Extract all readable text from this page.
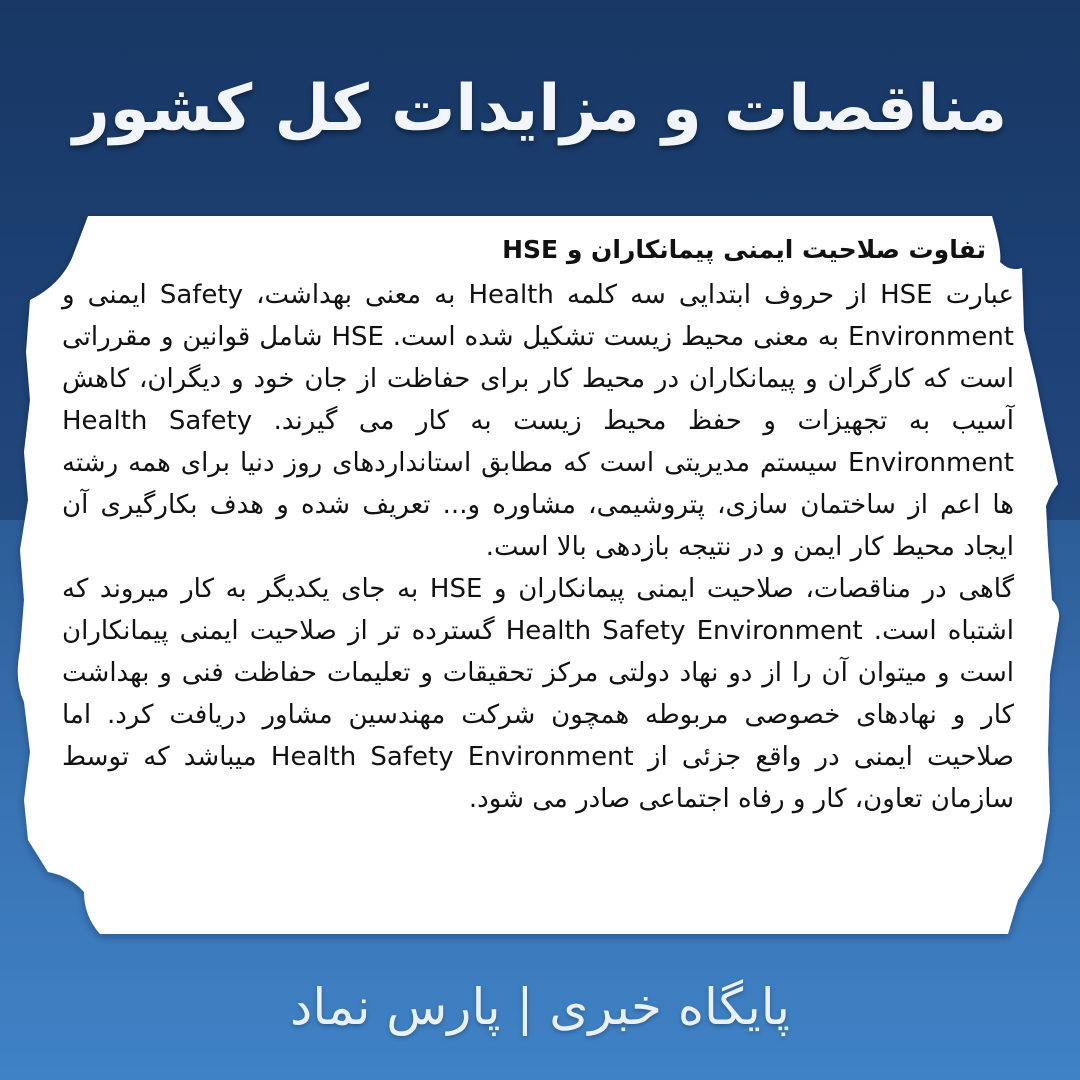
مناقصات و مزایدات کل کشور
تفاوت صلاحیت ایمنی پیمانکاران و HSE

عبارت HSE از حروف ابتدایی سه کلمه Health به معنی بهداشت، Safety ایمنی و Environment به معنی محیط زیست تشکیل شده است. HSE شامل قوانین و مقرراتی است که کارگران و پیمانکاران در محیط کار برای حفاظت از جان خود و دیگران، کاهش آسیب به تجهیزات و حفظ محیط زیست به کار می گیرند. Health Safety Environment سیستم مدیریتی است که مطابق استانداردهای روز دنیا برای همه رشته ها اعم از ساختمان سازی، پتروشیمی، مشاوره و... تعریف شده و هدف بکارگیری آن ایجاد محیط کار ایمن و در نتیجه بازدهی بالا است.

گاهی در مناقصات، صلاحیت ایمنی پیمانکاران و HSE به جای یکدیگر به کار میروند که اشتباه است. Health Safety Environment گسترده تر از صلاحیت ایمنی پیمانکاران است و میتوان آن را از دو نهاد دولتی مرکز تحقیقات و تعلیمات حفاظت فنی و بهداشت کار و نهادهای خصوصی مربوطه همچون شرکت مهندسین مشاور دریافت کرد. اما صلاحیت ایمنی در واقع جزئی از Health Safety Environment میباشد که توسط سازمان تعاون، کار و رفاه اجتماعی صادر می شود.

پایگاه خبری | پارس نماد
